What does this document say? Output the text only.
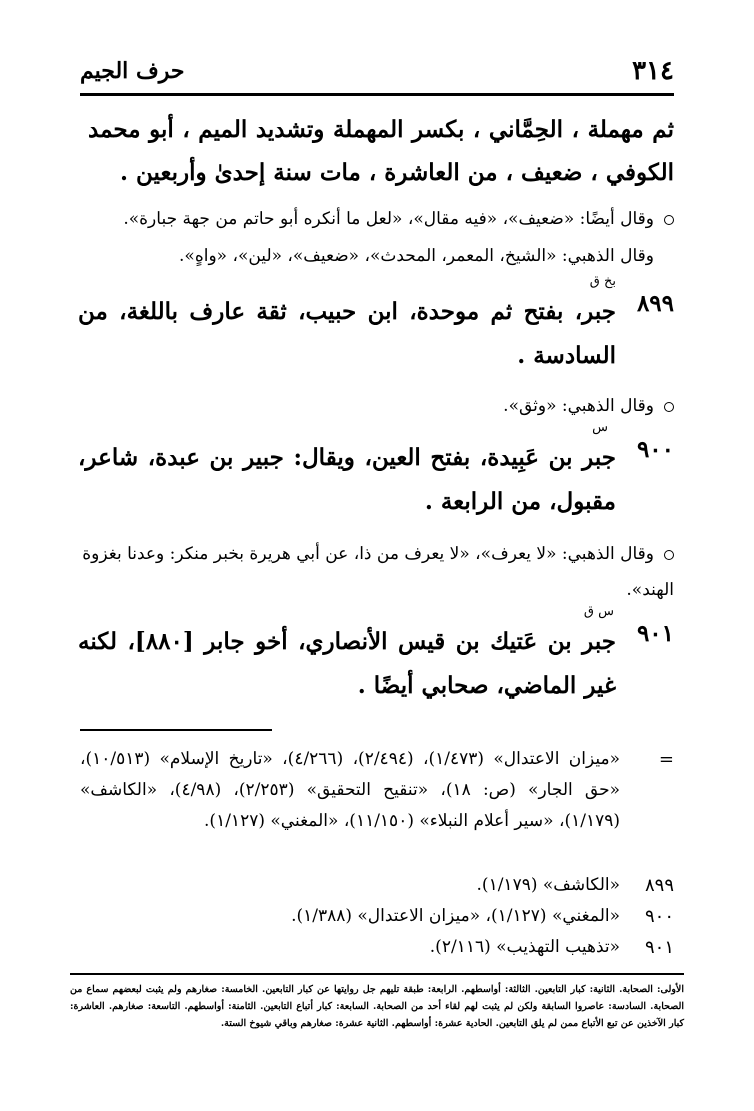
٣١٤
حرف الجيم
ثم مهملة ، الحِمَّاني ، بكسر المهملة وتشديد الميم ، أبو محمد الكوفي ، ضعيف ، من العاشرة ، مات سنة إحدىٰ وأربعين .
وقال أيضًا: «ضعيف»، «فيه مقال»، «لعل ما أنكره أبو حاتم من جهة جبارة».
وقال الذهبي: «الشيخ، المعمر، المحدث»، «ضعيف»، «لين»، «واهٍ».
٨٩٩
بخ ق
جبر، بفتح ثم موحدة، ابن حبيب، ثقة عارف باللغة، من السادسة .
وقال الذهبي: «وثق».
٩٠٠
س
جبر بن عَبِيدة، بفتح العين، ويقال: جبير بن عبدة، شاعر، مقبول، من الرابعة .
وقال الذهبي: «لا يعرف»، «لا يعرف من ذا، عن أبي هريرة بخبر منكر: وعدنا بغزوة الهند».
٩٠١
س ق
جبر بن عَتيك بن قيس الأنصاري، أخو جابر [٨٨٠]، لكنه غير الماضي، صحابي أيضًا .
=
«ميزان الاعتدال» (١/٤٧٣)، (٢/٤٩٤)، (٤/٢٦٦)، «تاريخ الإسلام» (١٠/٥١٣)، «حق الجار» (ص: ١٨)، «تنقيح التحقيق» (٢/٢٥٣)، (٤/٩٨)، «الكاشف» (١/١٧٩)، «سير أعلام النبلاء» (١١/١٥٠)، «المغني» (١/١٢٧).
٨٩٩
«الكاشف» (١/١٧٩).
٩٠٠
«المغني» (١/١٢٧)، «ميزان الاعتدال» (١/٣٨٨).
٩٠١
«تذهيب التهذيب» (٢/١١٦).
الأولى: الصحابة. الثانية: كبار التابعين. الثالثة: أواسطهم. الرابعة: طبقة تليهم جل روايتها عن كبار التابعين. الخامسة: صغارهم ولم يثبت لبعضهم سماع من الصحابة. السادسة: عاصروا السابقة ولكن لم يثبت لهم لقاء أحد من الصحابة. السابعة: كبار أتباع التابعين. الثامنة: أواسطهم. التاسعة: صغارهم. العاشرة: كبار الآخذين عن تبع الأتباع ممن لم يلق التابعين. الحادية عشرة: أواسطهم. الثانية عشرة: صغارهم وباقي شيوخ الستة.
